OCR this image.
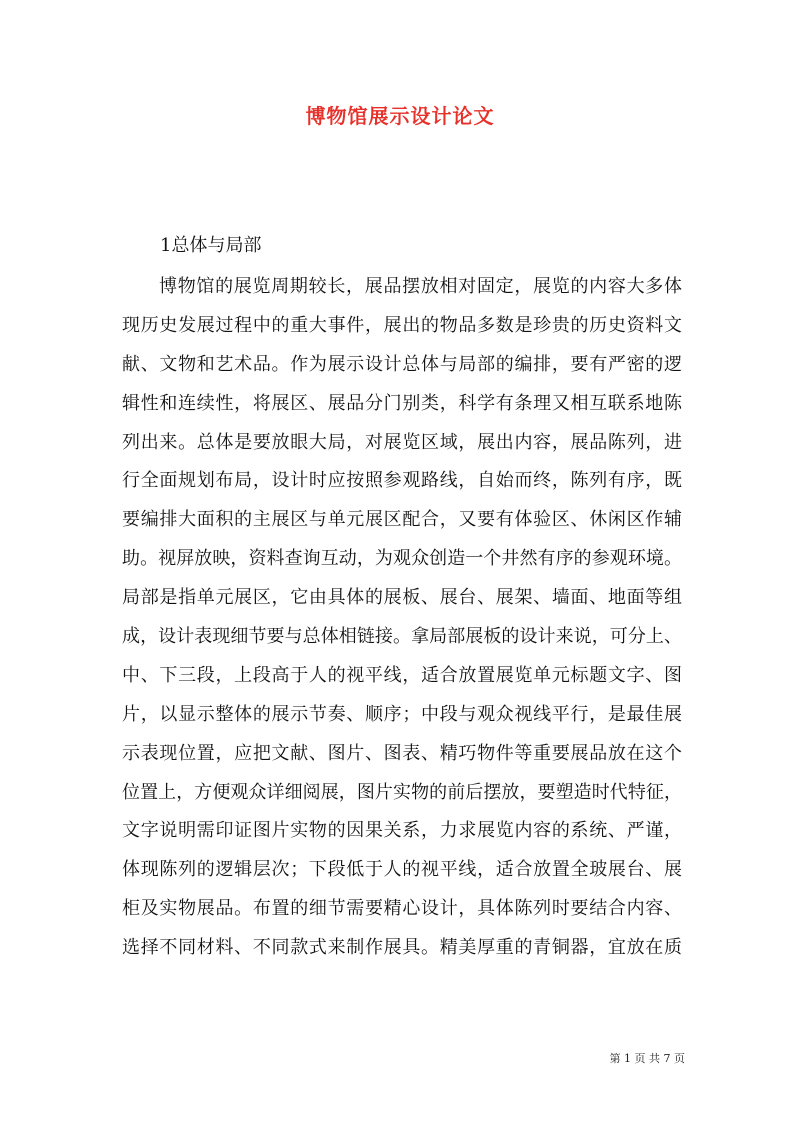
博物馆展示设计论文
1总体与局部
博物馆的展览周期较长，展品摆放相对固定，展览的内容大多体
现历史发展过程中的重大事件，展出的物品多数是珍贵的历史资料文
献、文物和艺术品。作为展示设计总体与局部的编排，要有严密的逻
辑性和连续性，将展区、展品分门别类，科学有条理又相互联系地陈
列出来。总体是要放眼大局，对展览区域，展出内容，展品陈列，进
行全面规划布局，设计时应按照参观路线，自始而终，陈列有序，既
要编排大面积的主展区与单元展区配合，又要有体验区、休闲区作辅
助。视屏放映，资料查询互动，为观众创造一个井然有序的参观环境。
局部是指单元展区，它由具体的展板、展台、展架、墙面、地面等组
成，设计表现细节要与总体相链接。拿局部展板的设计来说，可分上、
中、下三段，上段高于人的视平线，适合放置展览单元标题文字、图
片，以显示整体的展示节奏、顺序；中段与观众视线平行，是最佳展
示表现位置，应把文献、图片、图表、精巧物件等重要展品放在这个
位置上，方便观众详细阅展，图片实物的前后摆放，要塑造时代特征，
文字说明需印证图片实物的因果关系，力求展览内容的系统、严谨，
体现陈列的逻辑层次；下段低于人的视平线，适合放置全玻展台、展
柜及实物展品。布置的细节需要精心设计，具体陈列时要结合内容、
选择不同材料、不同款式来制作展具。精美厚重的青铜器，宜放在质
第 1 页 共 7 页
